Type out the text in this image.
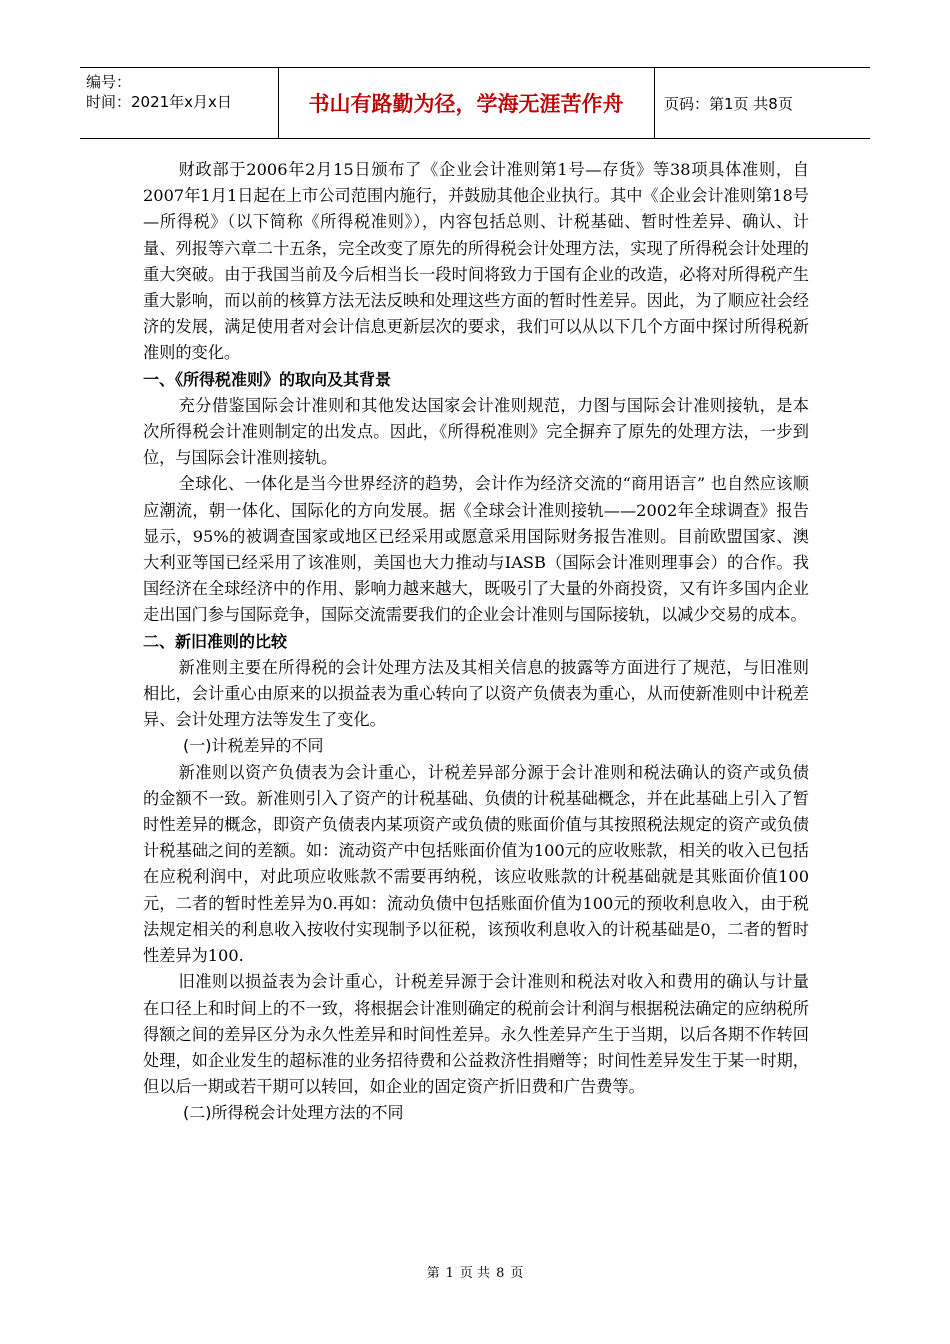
编号：
时间：2021年x月x日	书山有路勤为径，学海无涯苦作舟	页码：第1页 共8页

财政部于2006年2月15日颁布了《企业会计准则第1号—存货》等38项具体准则，自2007年1月1日起在上市公司范围内施行，并鼓励其他企业执行。其中《企业会计准则第18号—所得税》（以下简称《所得税准则》），内容包括总则、计税基础、暂时性差异、确认、计量、列报等六章二十五条，完全改变了原先的所得税会计处理方法，实现了所得税会计处理的重大突破。由于我国当前及今后相当长一段时间将致力于国有企业的改造，必将对所得税产生重大影响，而以前的核算方法无法反映和处理这些方面的暂时性差异。因此，为了顺应社会经济的发展，满足使用者对会计信息更新层次的要求，我们可以从以下几个方面中探讨所得税新准则的变化。

一、《所得税准则》的取向及其背景

充分借鉴国际会计准则和其他发达国家会计准则规范，力图与国际会计准则接轨，是本次所得税会计准则制定的出发点。因此，《所得税准则》完全摒弃了原先的处理方法，一步到位，与国际会计准则接轨。

全球化、一体化是当今世界经济的趋势，会计作为经济交流的“商用语言” 也自然应该顺应潮流，朝一体化、国际化的方向发展。据《全球会计准则接轨——2002年全球调查》报告显示，95%的被调查国家或地区已经采用或愿意采用国际财务报告准则。目前欧盟国家、澳大利亚等国已经采用了该准则，美国也大力推动与IASB（国际会计准则理事会）的合作。我国经济在全球经济中的作用、影响力越来越大，既吸引了大量的外商投资，又有许多国内企业走出国门参与国际竞争，国际交流需要我们的企业会计准则与国际接轨，以减少交易的成本。

二、新旧准则的比较

新准则主要在所得税的会计处理方法及其相关信息的披露等方面进行了规范，与旧准则相比，会计重心由原来的以损益表为重心转向了以资产负债表为重心，从而使新准则中计税差异、会计处理方法等发生了变化。

(一)计税差异的不同

新准则以资产负债表为会计重心，计税差异部分源于会计准则和税法确认的资产或负债的金额不一致。新准则引入了资产的计税基础、负债的计税基础概念，并在此基础上引入了暂时性差异的概念，即资产负债表内某项资产或负债的账面价值与其按照税法规定的资产或负债计税基础之间的差额。如：流动资产中包括账面价值为100元的应收账款，相关的收入已包括在应税利润中，对此项应收账款不需要再纳税，该应收账款的计税基础就是其账面价值100元，二者的暂时性差异为0.再如：流动负债中包括账面价值为100元的预收利息收入，由于税法规定相关的利息收入按收付实现制予以征税，该预收利息收入的计税基础是0，二者的暂时性差异为100.

旧准则以损益表为会计重心，计税差异源于会计准则和税法对收入和费用的确认与计量在口径上和时间上的不一致，将根据会计准则确定的税前会计利润与根据税法确定的应纳税所得额之间的差异区分为永久性差异和时间性差异。永久性差异产生于当期，以后各期不作转回处理，如企业发生的超标准的业务招待费和公益救济性捐赠等；时间性差异发生于某一时期，但以后一期或若干期可以转回，如企业的固定资产折旧费和广告费等。

(二)所得税会计处理方法的不同
第 1 页 共 8 页
